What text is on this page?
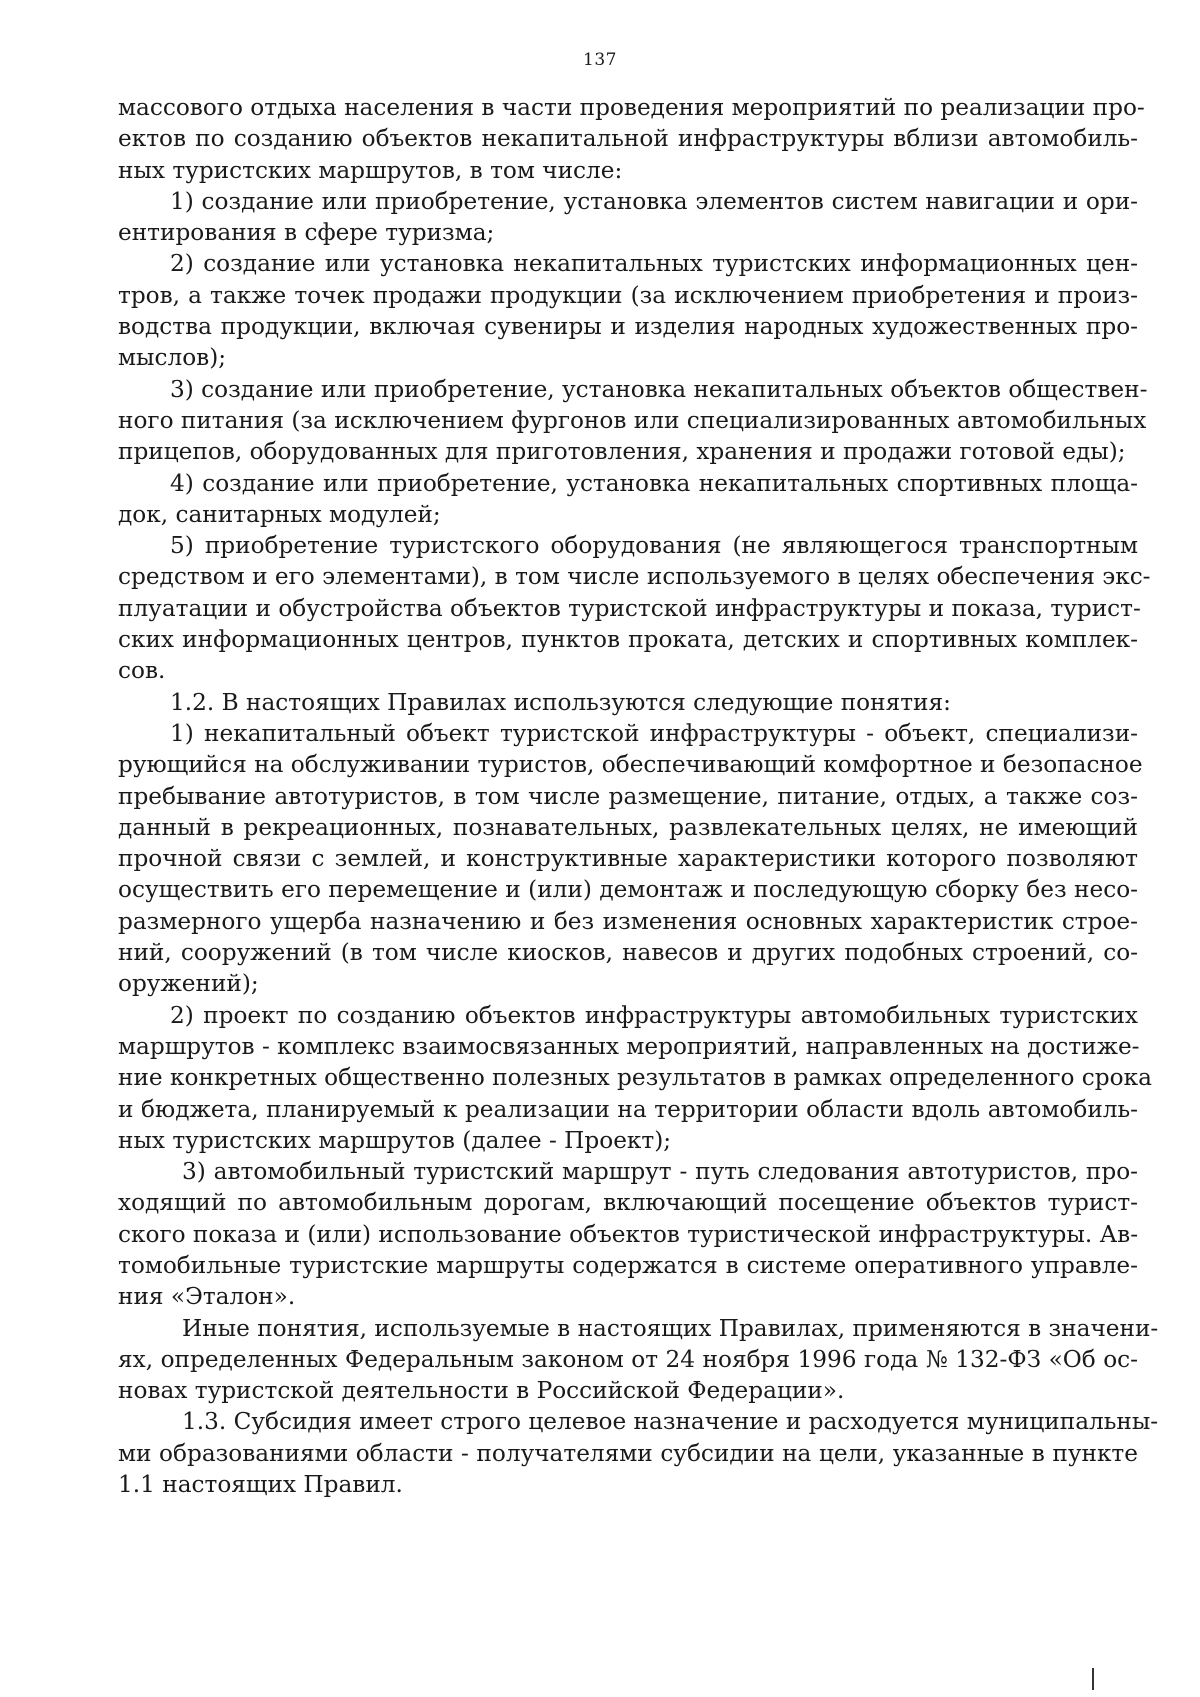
137
массового отдыха населения в части проведения мероприятий по реализации про-
ектов по созданию объектов некапитальной инфраструктуры вблизи автомобиль-
ных туристских маршрутов, в том числе:
1) создание или приобретение, установка элементов систем навигации и ори-
ентирования в сфере туризма;
2) создание или установка некапитальных туристских информационных цен-
тров, а также точек продажи продукции (за исключением приобретения и произ-
водства продукции, включая сувениры и изделия народных художественных про-
мыслов);
3) создание или приобретение, установка некапитальных объектов обществен-
ного питания (за исключением фургонов или специализированных автомобильных
прицепов, оборудованных для приготовления, хранения и продажи готовой еды);
4) создание или приобретение, установка некапитальных спортивных площа-
док, санитарных модулей;
5) приобретение туристского оборудования (не являющегося транспортным
средством и его элементами), в том числе используемого в целях обеспечения экс-
плуатации и обустройства объектов туристской инфраструктуры и показа, турист-
ских информационных центров, пунктов проката, детских и спортивных комплек-
сов.
1.2. В настоящих Правилах используются следующие понятия:
1) некапитальный объект туристской инфраструктуры - объект, специализи-
рующийся на обслуживании туристов, обеспечивающий комфортное и безопасное
пребывание автотуристов, в том числе размещение, питание, отдых, а также соз-
данный в рекреационных, познавательных, развлекательных целях, не имеющий
прочной связи с землей, и конструктивные характеристики которого позволяют
осуществить его перемещение и (или) демонтаж и последующую сборку без несо-
размерного ущерба назначению и без изменения основных характеристик строе-
ний, сооружений (в том числе киосков, навесов и других подобных строений, со-
оружений);
2) проект по созданию объектов инфраструктуры автомобильных туристских
маршрутов - комплекс взаимосвязанных мероприятий, направленных на достиже-
ние конкретных общественно полезных результатов в рамках определенного срока
и бюджета, планируемый к реализации на территории области вдоль автомобиль-
ных туристских маршрутов (далее - Проект);
3) автомобильный туристский маршрут - путь следования автотуристов, про-
ходящий по автомобильным дорогам, включающий посещение объектов турист-
ского показа и (или) использование объектов туристической инфраструктуры. Ав-
томобильные туристские маршруты содержатся в системе оперативного управле-
ния «Эталон».
Иные понятия, используемые в настоящих Правилах, применяются в значени-
ях, определенных Федеральным законом от 24 ноября 1996 года № 132-ФЗ «Об ос-
новах туристской деятельности в Российской Федерации».
1.3. Субсидия имеет строго целевое назначение и расходуется муниципальны-
ми образованиями области - получателями субсидии на цели, указанные в пункте
1.1 настоящих Правил.
